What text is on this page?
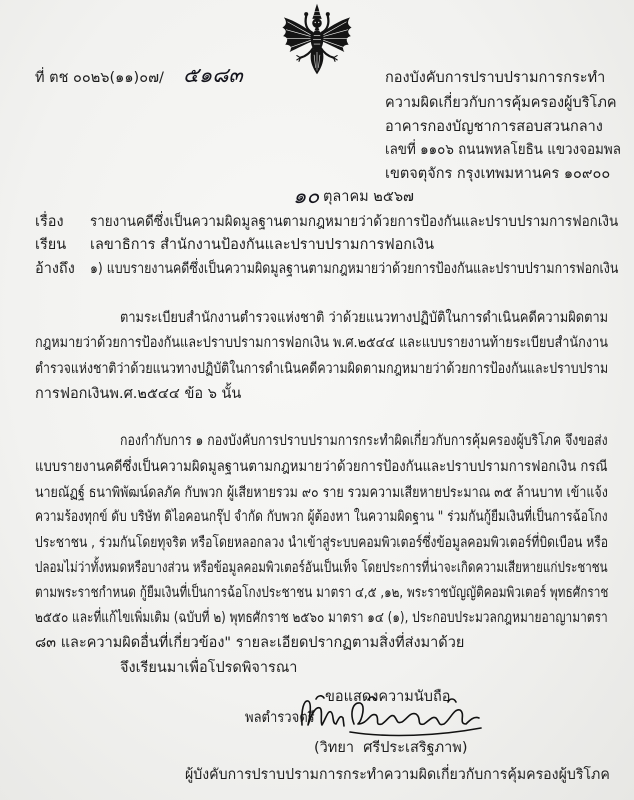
ที่ ตช ๐๐๒๖(๑๑)๐๗/ ๕๑๘๓	กองบังคับการปราบปรามการกระทำ
ความผิดเกี่ยวกับการคุ้มครองผู้บริโภค
อาคารกองบัญชาการสอบสวนกลาง
เลขที่ ๑๑๐๖ ถนนพหลโยธิน แขวงจอมพล
เขตจตุจักร กรุงเทพมหานคร ๑๐๙๐๐
๑๐ ตุลาคม ๒๕๖๗
เรื่อง รายงานคดีซึ่งเป็นความผิดมูลฐานตามกฎหมายว่าด้วยการป้องกันและปราบปรามการฟอกเงิน
เรียน เลขาธิการ สำนักงานป้องกันและปราบปรามการฟอกเงิน
อ้างถึง ๑) แบบรายงานคดีซึ่งเป็นความผิดมูลฐานตามกฎหมายว่าด้วยการป้องกันและปราบปรามการฟอกเงิน
ตามระเบียบสำนักงานตำรวจแห่งชาติ ว่าด้วยแนวทางปฏิบัติในการดำเนินคดีความผิดตาม
กฎหมายว่าด้วยการป้องกันและปราบปรามการฟอกเงิน พ.ศ.๒๕๔๔ และแบบรายงานท้ายระเบียบสำนักงาน
ตำรวจแห่งชาติว่าด้วยแนวทางปฏิบัติในการดำเนินคดีความผิดตามกฎหมายว่าด้วยการป้องกันและปราบปราม
การฟอกเงินพ.ศ.๒๕๔๔ ข้อ ๖ นั้น
กองกำกับการ ๑ กองบังคับการปราบปรามการกระทำผิดเกี่ยวกับการคุ้มครองผู้บริโภค จึงขอส่ง
แบบรายงานคดีซึ่งเป็นความผิดมูลฐานตามกฎหมายว่าด้วยการป้องกันและปราบปรามการฟอกเงิน กรณี
นายณัฏฐ์ ธนาพิพัฒน์ดลภัค กับพวก ผู้เสียหายรวม ๙๐ ราย รวมความเสียหายประมาณ ๓๕ ล้านบาท เข้าแจ้ง
ความร้องทุกข์ ดับ บริษัท ดิไอคอนกรุ๊ป จำกัด กับพวก ผู้ต้องหา ในความผิดฐาน " ร่วมกันกู้ยืมเงินที่เป็นการฉ้อโกง
ประชาชน , ร่วมกันโดยทุจริต หรือโดยหลอกลวง นำเข้าสู่ระบบคอมพิวเตอร์ซึ่งข้อมูลคอมพิวเตอร์ที่บิดเบือน หรือ
ปลอมไม่ว่าทั้งหมดหรือบางส่วน หรือข้อมูลคอมพิวเตอร์อันเป็นเท็จ โดยประการที่น่าจะเกิดความเสียหายแก่ประชาชน
ตามพระราชกำหนด กู้ยืมเงินที่เป็นการฉ้อโกงประชาชน มาตรา ๔,๕ ,๑๒, พระราชบัญญัติคอมพิวเตอร์ พุทธศักราช
๒๕๕๐ และที่แก้ไขเพิ่มเติม (ฉบับที่ ๒) พุทธศักราช ๒๕๖๐ มาตรา ๑๔ (๑), ประกอบประมวลกฎหมายอาญามาตรา
๘๓ และความผิดอื่นที่เกี่ยวข้อง" รายละเอียดปรากฏตามสิ่งที่ส่งมาด้วย
จึงเรียนมาเพื่อโปรดพิจารณา
ขอแสดงความนับถือ
พลตำรวจตรี
(วิทยา  ศรีประเสริฐภาพ)
ผู้บังคับการปราบปรามการกระทำความผิดเกี่ยวกับการคุ้มครองผู้บริโภค
